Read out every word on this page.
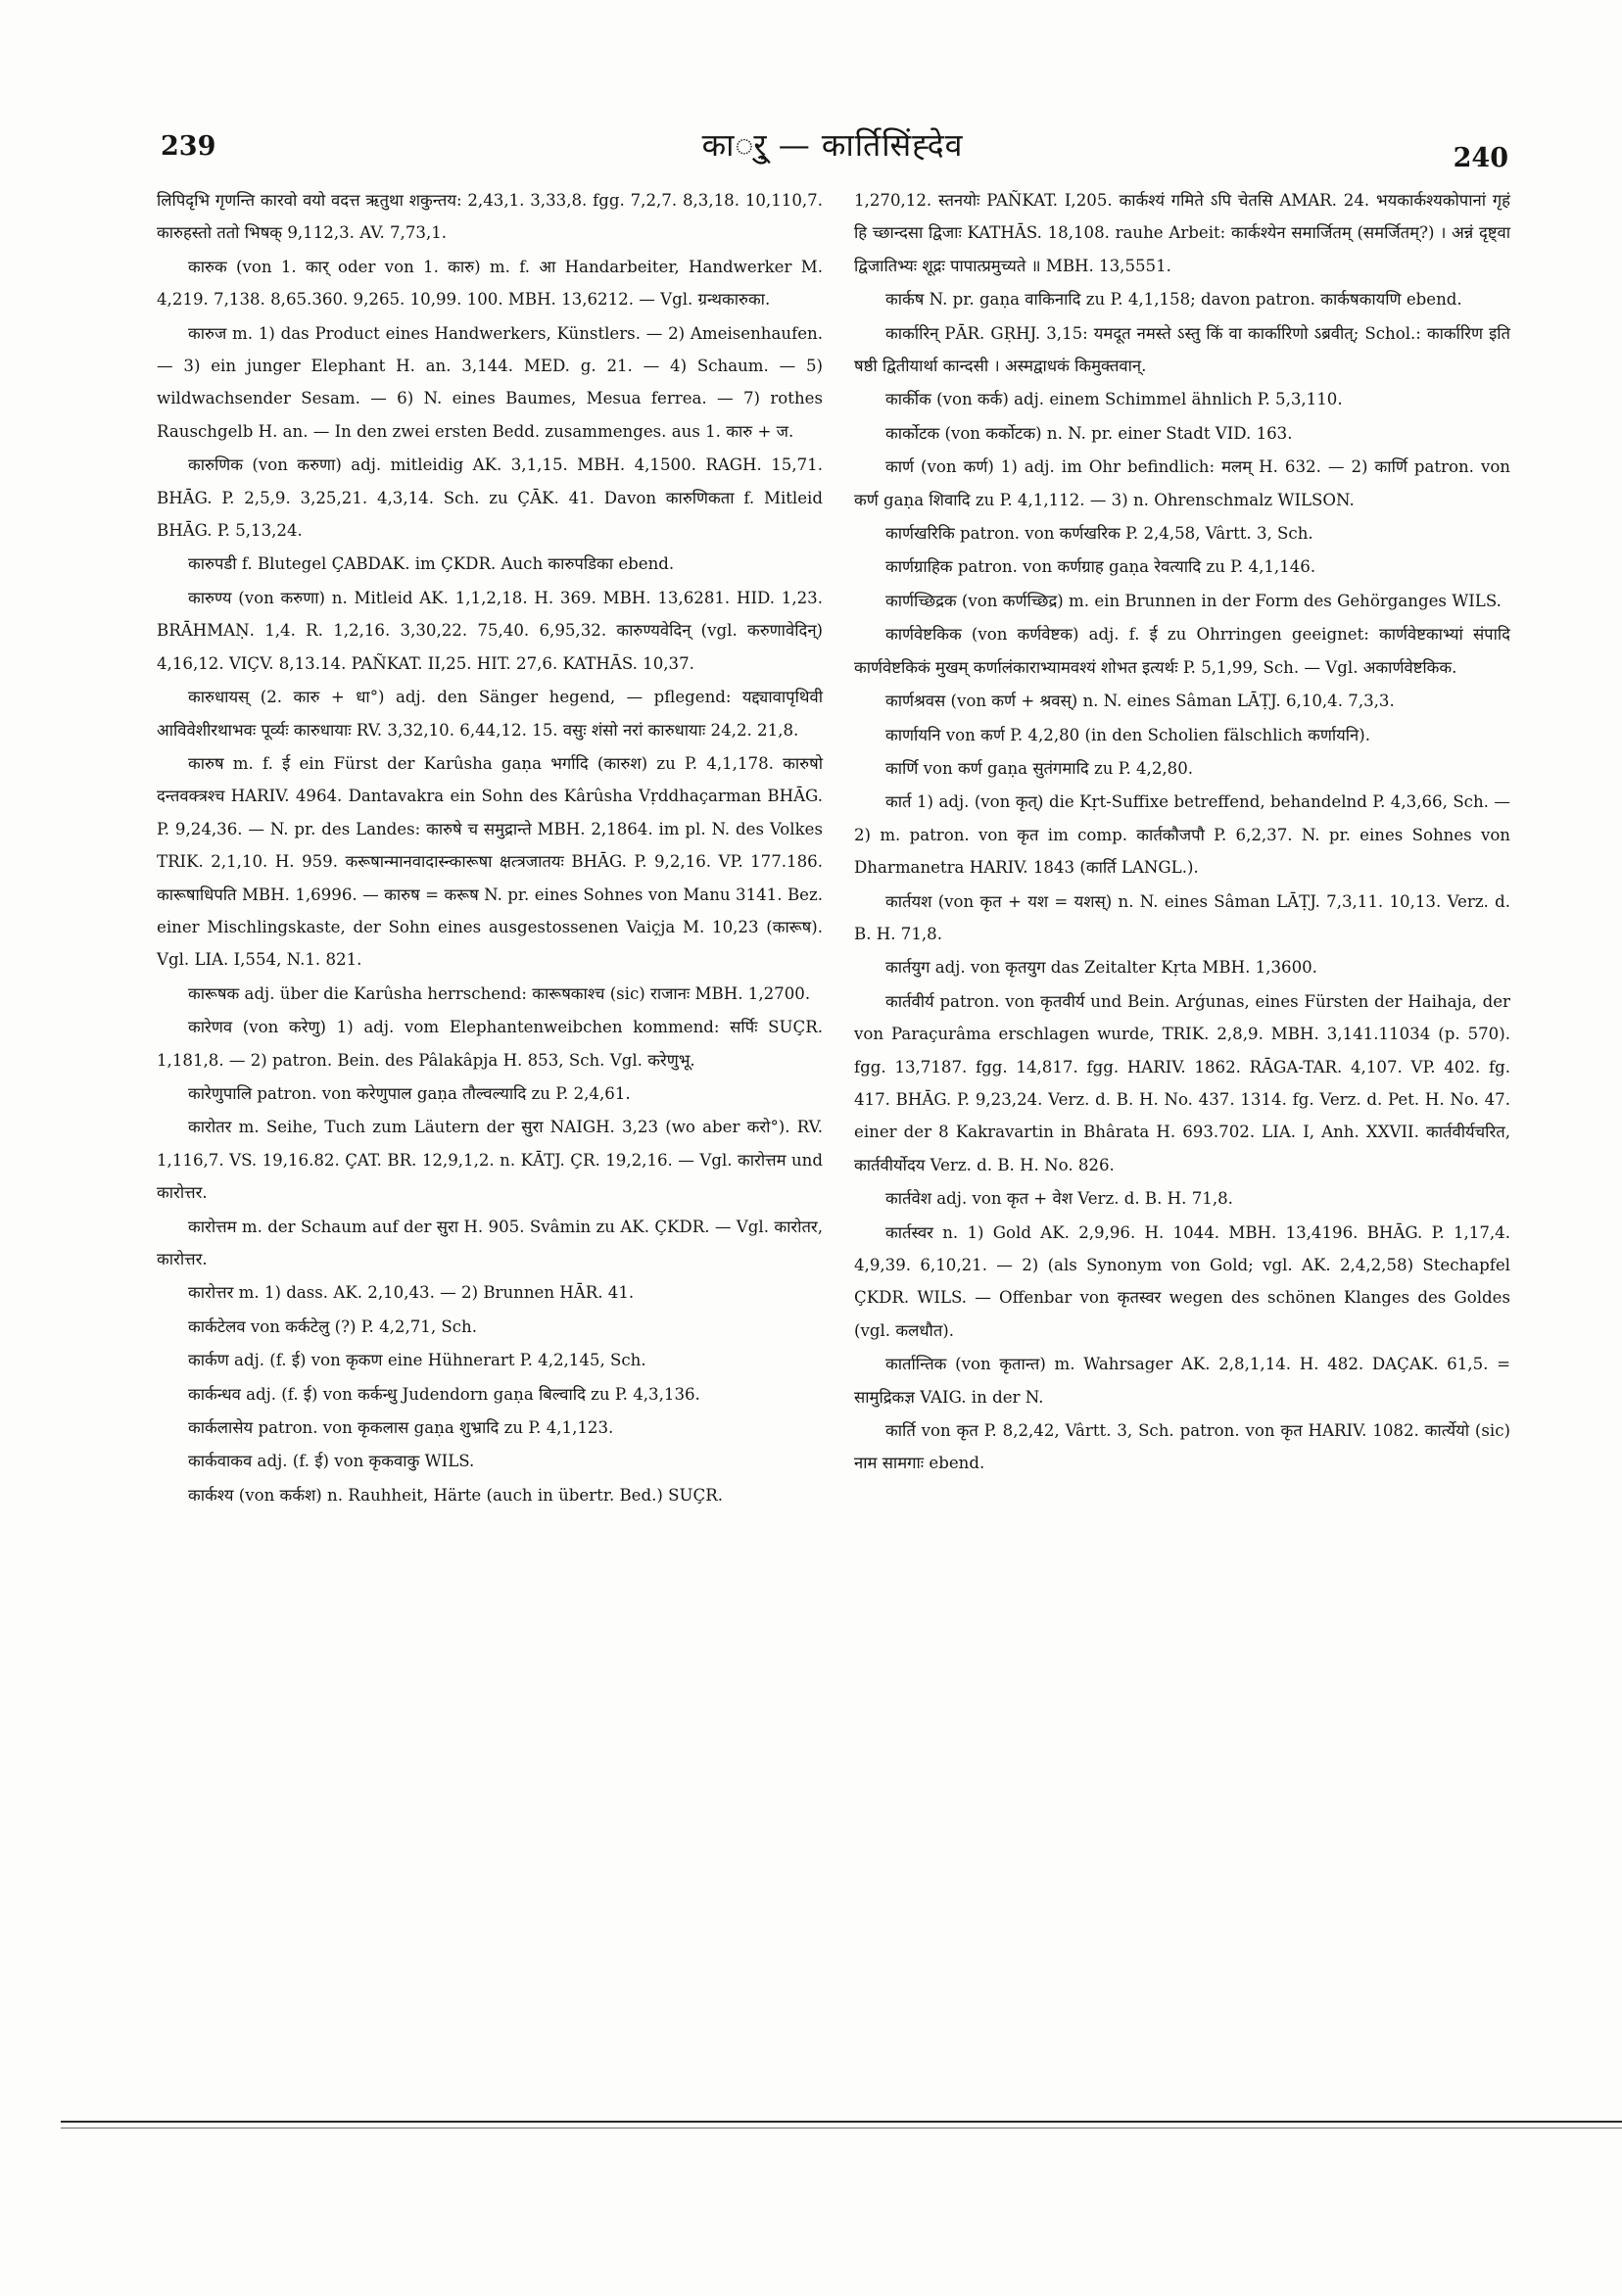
239	कार्ु — कार्तिसिंह्देव	240

लिपिदृभि गृणन्ति कारवो वयो वदत्त ऋतुथा शकुन्तय: 2,43,1. 3,33,8. fgg. 7,2,7. 8,3,18. 10,110,7. कारुहस्तो ततो भिषक् 9,112,3. AV. 7,73,1.

कारुक (von 1. कार् oder von 1. कारु) m. f. आ Handarbeiter, Handwerker M. 4,219. 7,138. 8,65.360. 9,265. 10,99. 100. MBH. 13,6212. — Vgl. ग्रन्थकारुका.

कारुज m. 1) das Product eines Handwerkers, Künstlers. — 2) Ameisenhaufen. — 3) ein junger Elephant H. an. 3,144. MED. g. 21. — 4) Schaum. — 5) wildwachsender Sesam. — 6) N. eines Baumes, Mesua ferrea. — 7) rothes Rauschgelb H. an. — In den zwei ersten Bedd. zusammenges. aus 1. कारु + ज.

कारुणिक (von करुणा) adj. mitleidig AK. 3,1,15. MBH. 4,1500. RAGH. 15,71. BHĀG. P. 2,5,9. 3,25,21. 4,3,14. Sch. zu ÇĀK. 41. Davon कारुणिकता f. Mitleid BHĀG. P. 5,13,24.

कारुपडी f. Blutegel ÇABDAK. im ÇKDR. Auch कारुपडिका ebend.

कारुण्य (von करुणा) n. Mitleid AK. 1,1,2,18. H. 369. MBH. 13,6281. HID. 1,23. BRĀHMAṆ. 1,4. R. 1,2,16. 3,30,22. 75,40. 6,95,32. कारुण्यवेदिन् (vgl. करुणावेदिन्) 4,16,12. VIÇV. 8,13.14. PAÑKAT. II,25. HIT. 27,6. KATHĀS. 10,37.

कारुधायस् (2. कारु + धा°) adj. den Sänger hegend, — pflegend: यद्द्यावापृथिवी आविवेशीरथाभवः पूर्व्यः कारुधायाः RV. 3,32,10. 6,44,12. 15. वसुः शंसो नरां कारुधायाः 24,2. 21,8.

कारुष m. f. ई ein Fürst der Karûsha gaṇa भर्गादि (कारुश) zu P. 4,1,178. कारुषो दन्तवक्त्रश्च HARIV. 4964. Dantavakra ein Sohn des Kârûsha Vṛddhaçarman BHĀG. P. 9,24,36. — N. pr. des Landes: कारुषे च समुद्रान्ते MBH. 2,1864. im pl. N. des Volkes TRIK. 2,1,10. H. 959. करूषान्मानवादास्न्कारूषा क्षत्त्रजातयः BHĀG. P. 9,2,16. VP. 177.186. कारूषाधिपति MBH. 1,6996. — कारुष = करूष N. pr. eines Sohnes von Manu 3141. Bez. einer Mischlingskaste, der Sohn eines ausgestossenen Vaiçja M. 10,23 (कारूष). Vgl. LIA. I,554, N.1. 821.

कारूषक adj. über die Karûsha herrschend: कारूषकाश्च (sic) राजानः MBH. 1,2700.

कारेणव (von करेणु) 1) adj. vom Elephantenweibchen kommend: सर्पिः SUÇR. 1,181,8. — 2) patron. Bein. des Pâlakâpja H. 853, Sch. Vgl. करेणुभू.

कारेणुपालि patron. von करेणुपाल gaṇa तौल्वल्यादि zu P. 2,4,61.

कारोतर m. Seihe, Tuch zum Läutern der सुरा NAIGH. 3,23 (wo aber करो°). RV. 1,116,7. VS. 19,16.82. ÇAT. BR. 12,9,1,2. n. KĀTJ. ÇR. 19,2,16. — Vgl. कारोत्तम und कारोत्तर.

कारोत्तम m. der Schaum auf der सुरा H. 905. Svâmin zu AK. ÇKDR. — Vgl. कारोतर, कारोत्तर.

कारोत्तर m. 1) dass. AK. 2,10,43. — 2) Brunnen HĀR. 41.

कार्कटेलव von कर्कटेलु (?) P. 4,2,71, Sch.

कार्कण adj. (f. ई) von कृकण eine Hühnerart P. 4,2,145, Sch.

कार्कन्धव adj. (f. ई) von कर्कन्धु Judendorn gaṇa बिल्वादि zu P. 4,3,136.

कार्कलासेय patron. von कृकलास gaṇa शुभ्रादि zu P. 4,1,123.

कार्कवाकव adj. (f. ई) von कृकवाकु WILS.

कार्कश्य (von कर्कश) n. Rauhheit, Härte (auch in übertr. Bed.) SUÇR.

1,270,12. स्तनयोः PAÑKAT. I,205. कार्कश्यं गमिते ऽपि चेतसि AMAR. 24. भयकार्कश्यकोपानां गृहं हि च्छान्दसा द्विजाः KATHĀS. 18,108. rauhe Arbeit: कार्कश्येन समार्जितम् (समर्जितम्?) । अन्नं दृष्ट्वा द्विजातिभ्यः शूद्रः पापात्प्रमुच्यते ॥ MBH. 13,5551.

कार्कष N. pr. gaṇa वाकिनादि zu P. 4,1,158; davon patron. कार्कषकायणि ebend.

कार्कारिन् PĀR. GṚHJ. 3,15: यमदूत नमस्ते ऽस्तु किं वा कार्कारिणो ऽब्रवीत्; Schol.: कार्कारिण इति षष्ठी द्वितीयार्था कान्दसी । अस्मद्वाधकं किमुक्तवान्.

कार्कीक (von कर्क) adj. einem Schimmel ähnlich P. 5,3,110.

कार्कोटक (von कर्कोटक) n. N. pr. einer Stadt VID. 163.

कार्ण (von कर्ण) 1) adj. im Ohr befindlich: मलम् H. 632. — 2) कार्णि patron. von कर्ण gaṇa शिवादि zu P. 4,1,112. — 3) n. Ohrenschmalz WILSON.

कार्णखरिकि patron. von कर्णखरिक P. 2,4,58, Vârtt. 3, Sch.

कार्णग्राहिक patron. von कर्णग्राह gaṇa रेवत्यादि zu P. 4,1,146.

कार्णच्छिद्रक (von कर्णच्छिद्र) m. ein Brunnen in der Form des Gehörganges WILS.

कार्णवेष्टकिक (von कर्णवेष्टक) adj. f. ई zu Ohrringen geeignet: कार्णवेष्टकाभ्यां संपादि कार्णवेष्टकिकं मुखम् कर्णालंकाराभ्यामवश्यं शोभत इत्यर्थः P. 5,1,99, Sch. — Vgl. अकार्णवेष्टकिक.

कार्णश्रवस (von कर्ण + श्रवस्) n. N. eines Sâman LĀṬJ. 6,10,4. 7,3,3.

कार्णायनि von कर्ण P. 4,2,80 (in den Scholien fälschlich कर्णायनि).

कार्णि von कर्ण gaṇa सुतंगमादि zu P. 4,2,80.

कार्त 1) adj. (von कृत्) die Kṛt-Suffixe betreffend, behandelnd P. 4,3,66, Sch. — 2) m. patron. von कृत im comp. कार्तकौजपौ P. 6,2,37. N. pr. eines Sohnes von Dharmanetra HARIV. 1843 (कार्ति LANGL.).

कार्तयश (von कृत + यश = यशस्) n. N. eines Sâman LĀṬJ. 7,3,11. 10,13. Verz. d. B. H. 71,8.

कार्तयुग adj. von कृतयुग das Zeitalter Kṛta MBH. 1,3600.

कार्तवीर्य patron. von कृतवीर्य und Bein. Arǵunas, eines Fürsten der Haihaja, der von Paraçurâma erschlagen wurde, TRIK. 2,8,9. MBH. 3,141.11034 (p. 570). fgg. 13,7187. fgg. 14,817. fgg. HARIV. 1862. RĀGA-TAR. 4,107. VP. 402. fg. 417. BHĀG. P. 9,23,24. Verz. d. B. H. No. 437. 1314. fg. Verz. d. Pet. H. No. 47. einer der 8 Kakravartin in Bhârata H. 693.702. LIA. I, Anh. XXVII. कार्तवीर्यचरित, कार्तवीर्योदय Verz. d. B. H. No. 826.

कार्तवेश adj. von कृत + वेश Verz. d. B. H. 71,8.

कार्तस्वर n. 1) Gold AK. 2,9,96. H. 1044. MBH. 13,4196. BHĀG. P. 1,17,4. 4,9,39. 6,10,21. — 2) (als Synonym von Gold; vgl. AK. 2,4,2,58) Stechapfel ÇKDR. WILS. — Offenbar von कृतस्वर wegen des schönen Klanges des Goldes (vgl. कलधौत).

कार्तान्तिक (von कृतान्त) m. Wahrsager AK. 2,8,1,14. H. 482. DAÇAK. 61,5. = सामुद्रिकज्ञ VAIG. in der N.

कार्ति von कृत P. 8,2,42, Vârtt. 3, Sch. patron. von कृत HARIV. 1082. कार्त्येयो (sic) नाम सामगाः ebend.
